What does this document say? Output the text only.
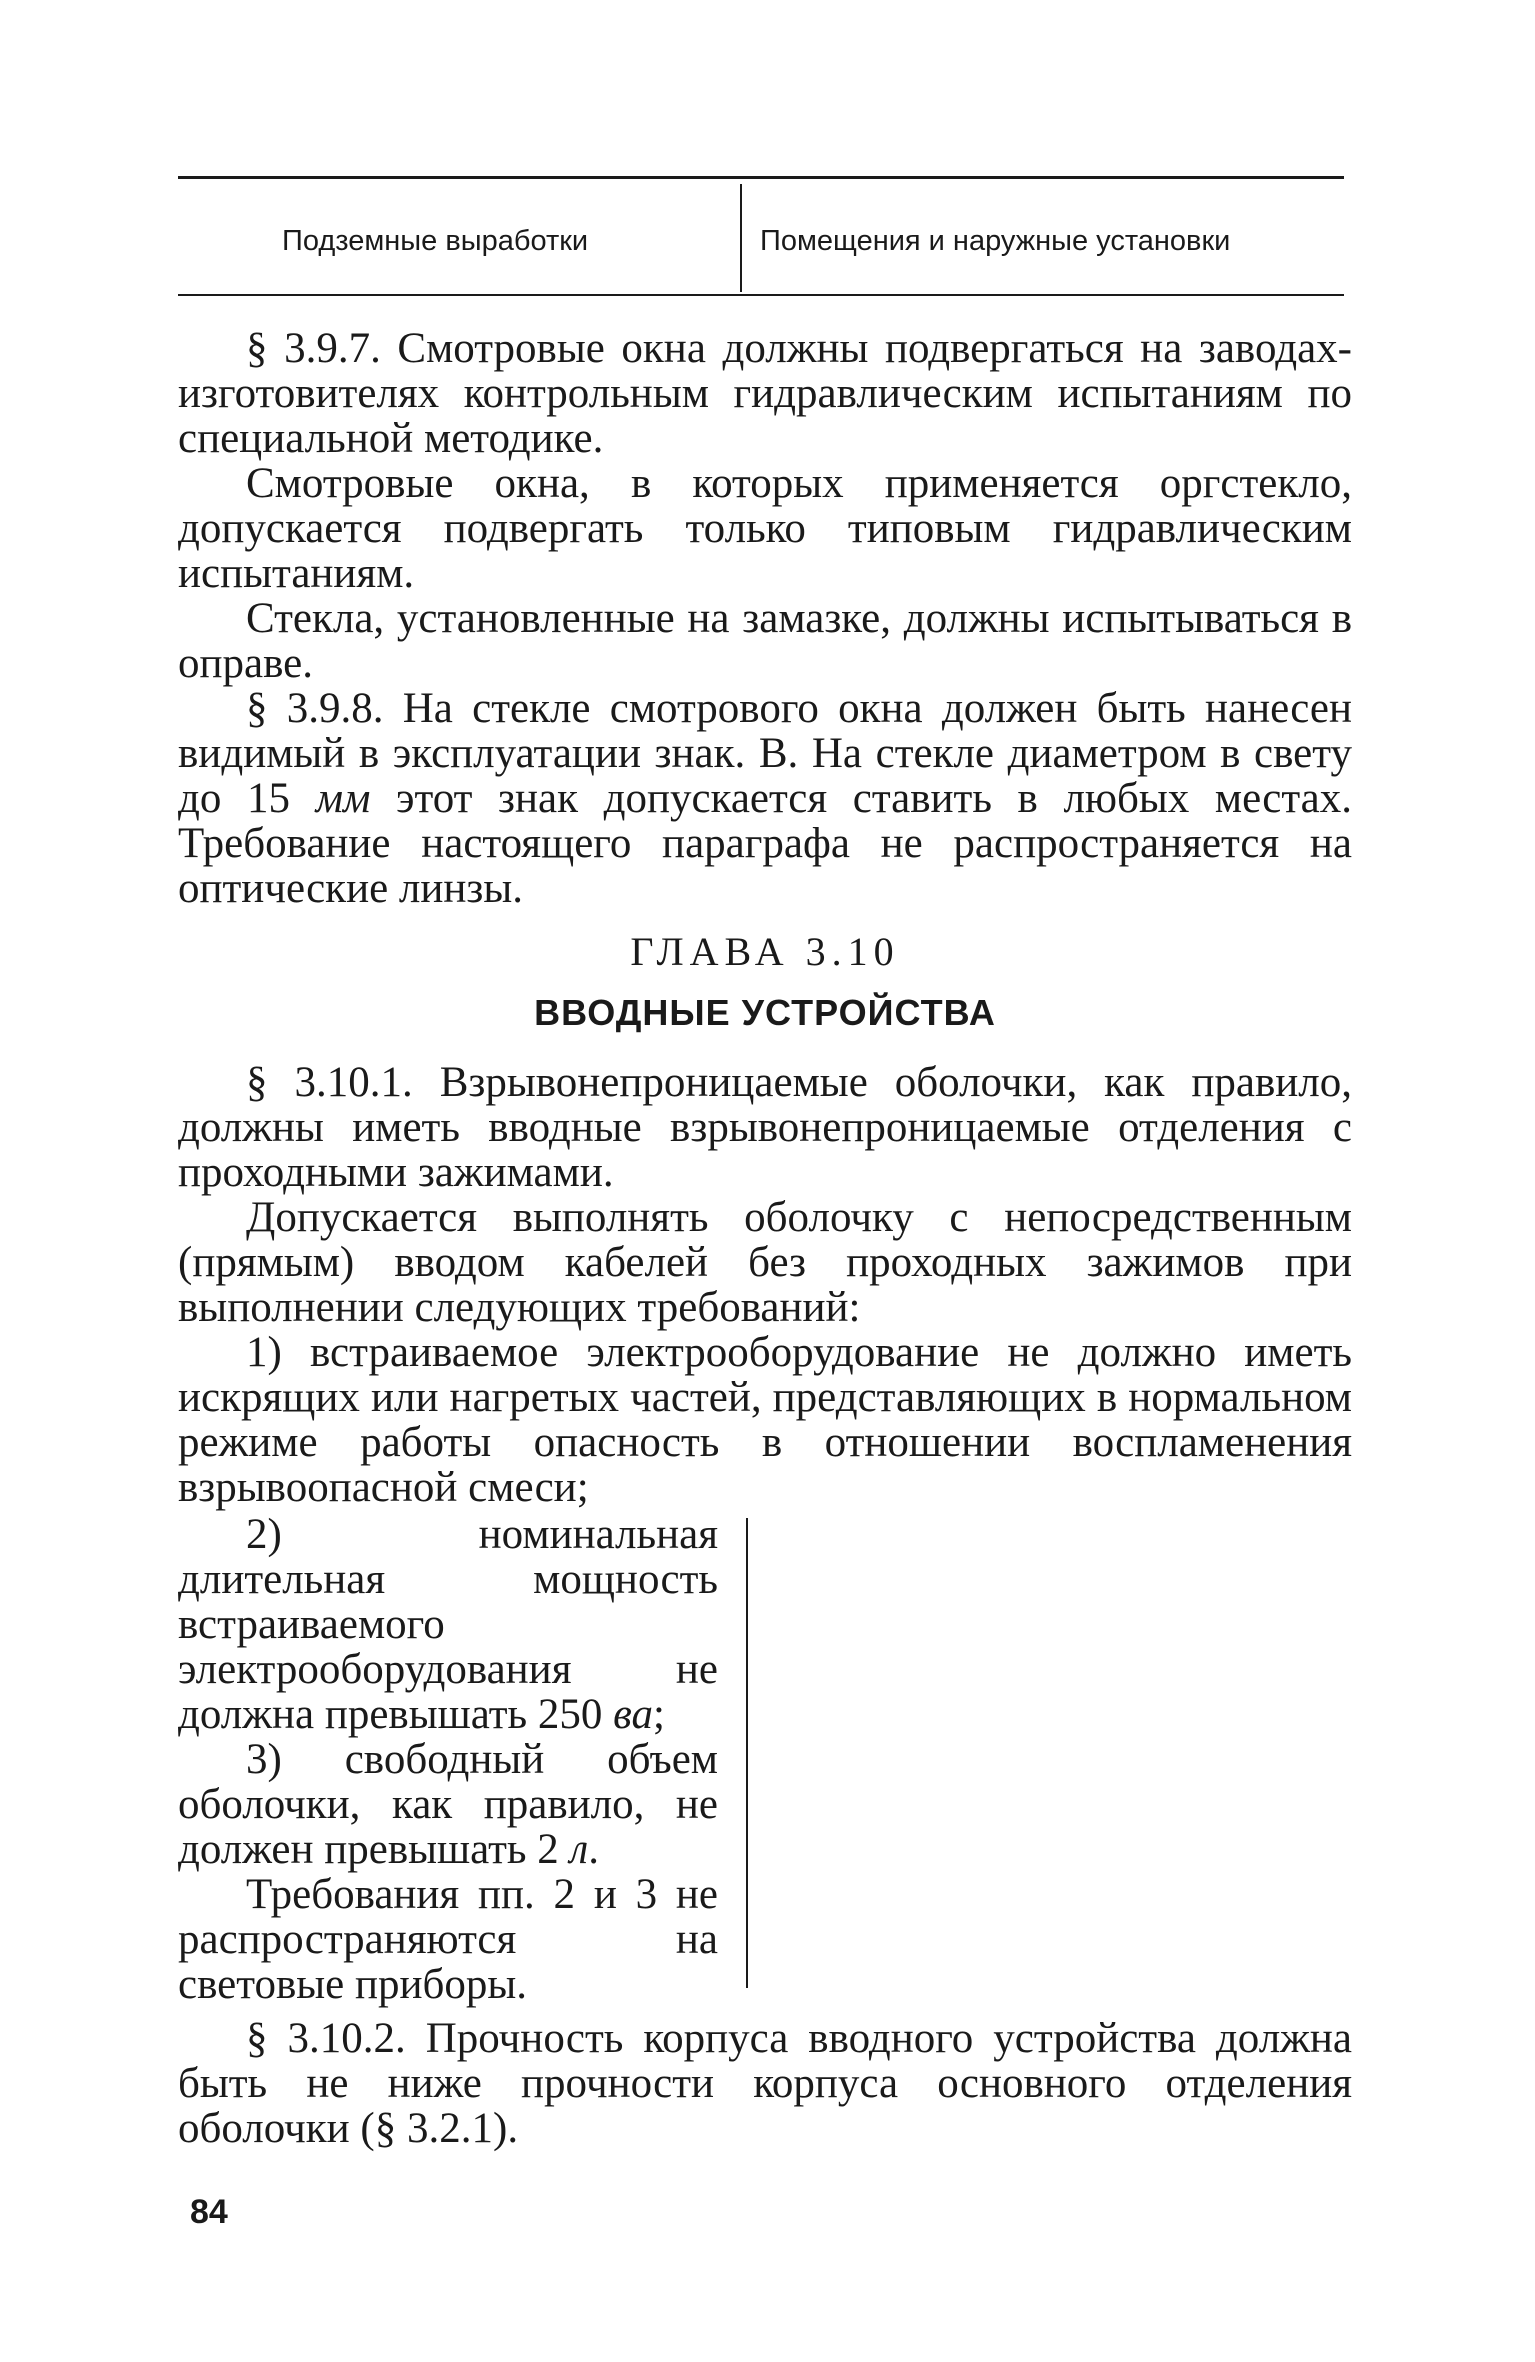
Подземные выработки	Помещения и наружные установки

§ 3.9.7. Смотровые окна должны подвергаться на заводах-изготовителях контрольным гидравлическим испытаниям по специальной методике.

Смотровые окна, в которых применяется оргстекло, допускается подвергать только типовым гидравлическим испытаниям.

Стекла, установленные на замазке, должны испытываться в оправе.

§ 3.9.8. На стекле смотрового окна должен быть нанесен видимый в эксплуатации знак. В. На стекле диаметром в свету до 15 мм этот знак допускается ставить в любых местах. Требование настоящего параграфа не распространяется на оптические линзы.

ГЛАВА 3.10
ВВОДНЫЕ УСТРОЙСТВА

§ 3.10.1. Взрывонепроницаемые оболочки, как правило, должны иметь вводные взрывонепроницаемые отделения с проходными зажимами.

Допускается выполнять оболочку с непосредственным (прямым) вводом кабелей без проходных зажимов при выполнении следующих требований:

1) встраиваемое электрооборудование не должно иметь искрящих или нагретых частей, представляющих в нормальном режиме работы опасность в отношении воспламенения взрывоопасной смеси;

2) номинальная длительная мощность встраиваемого электрооборудования не должна превышать 250 ва;

3) свободный объем оболочки, как правило, не должен превышать 2 л.

Требования пп. 2 и 3 не распространяются на световые приборы.

§ 3.10.2. Прочность корпуса вводного устройства должна быть не ниже прочности корпуса основного отделения оболочки (§ 3.2.1).

84
